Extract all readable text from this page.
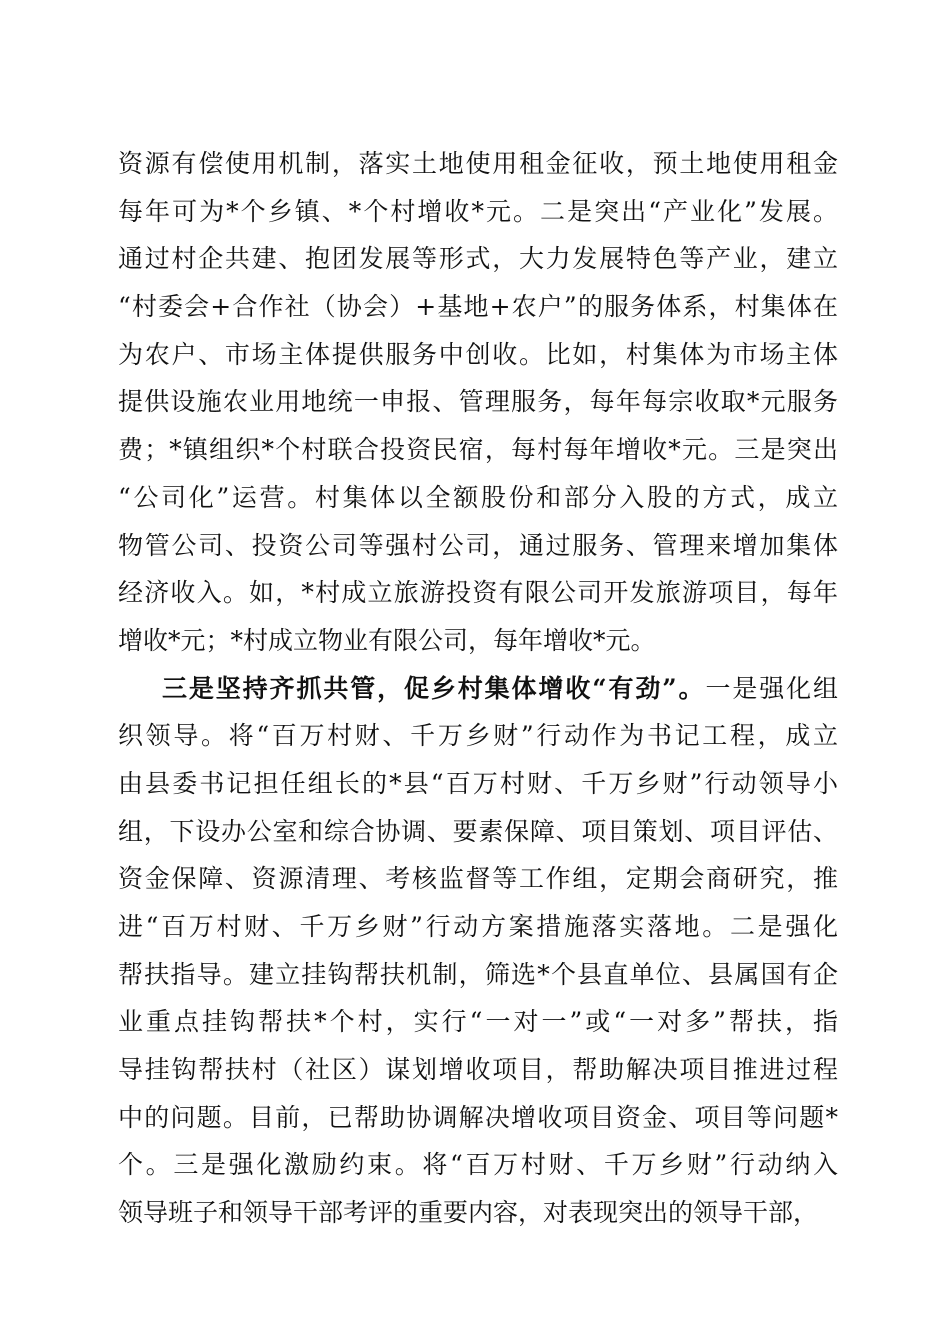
资源有偿使用机制，落实土地使用租金征收，预土地使用租金
每年可为*个乡镇、*个村增收*元。二是突出“产业化”发展。
通过村企共建、抱团发展等形式，大力发展特色等产业，建立
“村委会+合作社（协会）+基地+农户”的服务体系，村集体在
为农户、市场主体提供服务中创收。比如，村集体为市场主体
提供设施农业用地统一申报、管理服务，每年每宗收取*元服务
费；*镇组织*个村联合投资民宿，每村每年增收*元。三是突出
“公司化”运营。村集体以全额股份和部分入股的方式，成立
物管公司、投资公司等强村公司，通过服务、管理来增加集体
经济收入。如，*村成立旅游投资有限公司开发旅游项目，每年
增收*元；*村成立物业有限公司，每年增收*元。
三是坚持齐抓共管，促乡村集体增收“有劲”。一是强化组
织领导。将“百万村财、千万乡财”行动作为书记工程，成立
由县委书记担任组长的*县“百万村财、千万乡财”行动领导小
组，下设办公室和综合协调、要素保障、项目策划、项目评估、
资金保障、资源清理、考核监督等工作组，定期会商研究，推
进“百万村财、千万乡财”行动方案措施落实落地。二是强化
帮扶指导。建立挂钩帮扶机制，筛选*个县直单位、县属国有企
业重点挂钩帮扶*个村，实行“一对一”或“一对多”帮扶，指
导挂钩帮扶村（社区）谋划增收项目，帮助解决项目推进过程
中的问题。目前，已帮助协调解决增收项目资金、项目等问题*
个。三是强化激励约束。将“百万村财、千万乡财”行动纳入
领导班子和领导干部考评的重要内容，对表现突出的领导干部，
